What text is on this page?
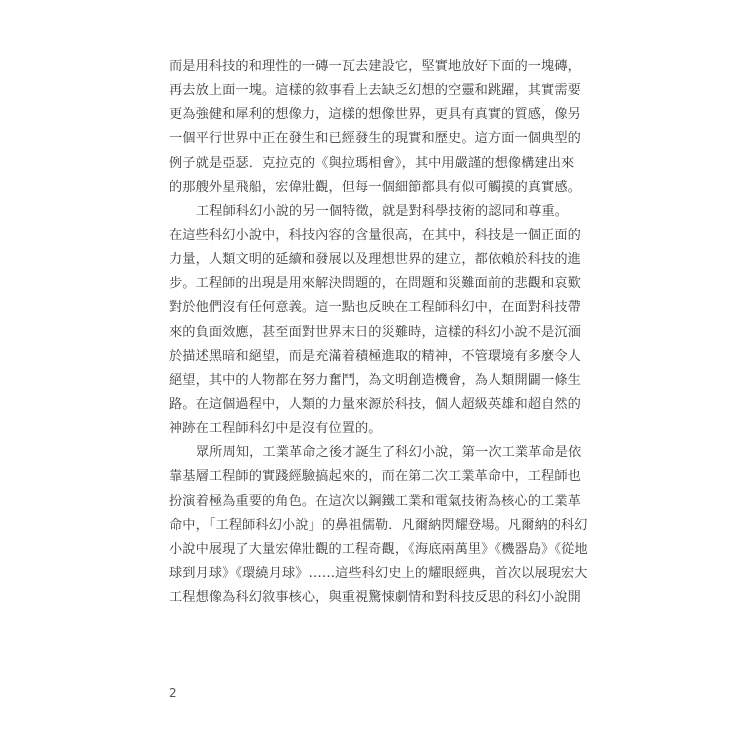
而是用科技的和理性的一磚一瓦去建設它，堅實地放好下面的一塊磚，
再去放上面一塊。這樣的敘事看上去缺乏幻想的空靈和跳躍，其實需要
更為強健和犀利的想像力，這樣的想像世界，更具有真實的質感，像另
一個平行世界中正在發生和已經發生的現實和歷史。這方面一個典型的
例子就是亞瑟．克拉克的《與拉瑪相會》，其中用嚴謹的想像構建出來
的那艘外星飛船，宏偉壯觀，但每一個細節都具有似可觸摸的真實感。
工程師科幻小說的另一個特徵，就是對科學技術的認同和尊重。
在這些科幻小說中，科技內容的含量很高，在其中，科技是一個正面的
力量，人類文明的延續和發展以及理想世界的建立，都依賴於科技的進
步。工程師的出現是用來解決問題的，在問題和災難面前的悲觀和哀歎
對於他們沒有任何意義。這一點也反映在工程師科幻中，在面對科技帶
來的負面效應，甚至面對世界末日的災難時，這樣的科幻小說不是沉湎
於描述黑暗和絕望，而是充滿着積極進取的精神，不管環境有多麼令人
絕望，其中的人物都在努力奮鬥，為文明創造機會，為人類開闢一條生
路。在這個過程中，人類的力量來源於科技，個人超級英雄和超自然的
神跡在工程師科幻中是沒有位置的。
眾所周知，工業革命之後才誕生了科幻小說，第一次工業革命是依
靠基層工程師的實踐經驗搞起來的，而在第二次工業革命中，工程師也
扮演着極為重要的角色。在這次以鋼鐵工業和電氣技術為核心的工業革
命中，「工程師科幻小說」的鼻祖儒勒．凡爾納閃耀登場。凡爾納的科幻
小說中展現了大量宏偉壯觀的工程奇觀，《海底兩萬里》《機器島》《從地
球到月球》《環繞月球》……這些科幻史上的耀眼經典，首次以展現宏大
工程想像為科幻敘事核心，與重視驚悚劇情和對科技反思的科幻小說開
2
